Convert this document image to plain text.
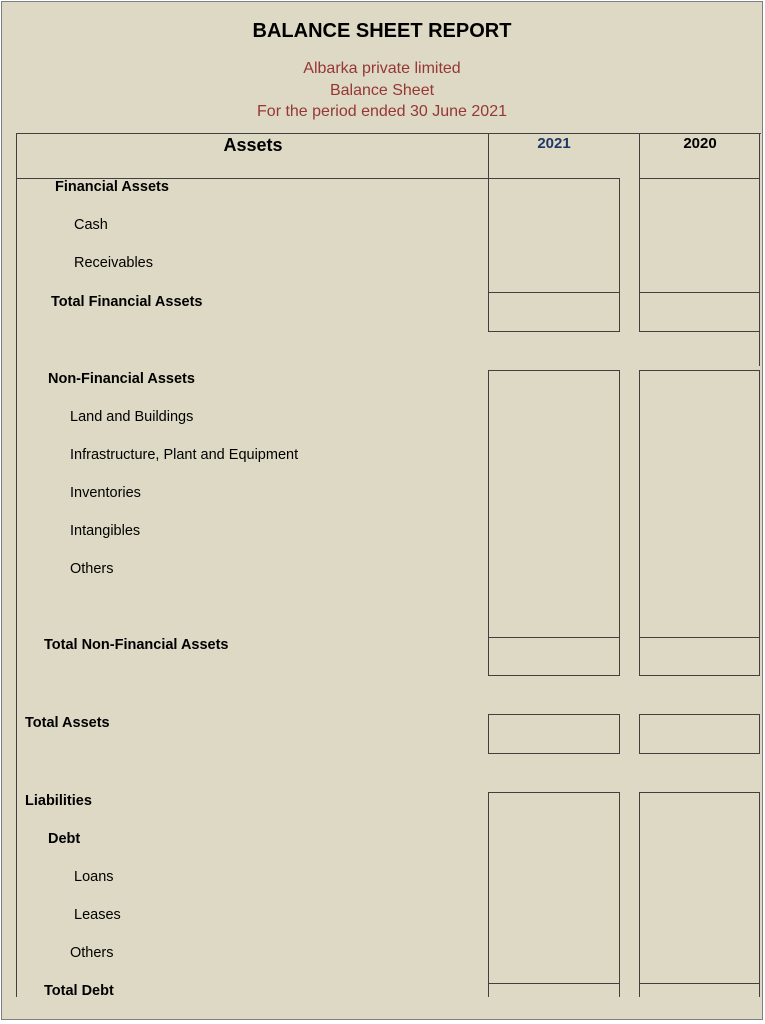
BALANCE SHEET REPORT
Albarka private limited
Balance Sheet
For the period ended 30 June 2021
Assets	2021	2020
Financial Assets
Cash
Receivables
Total Financial Assets
Non-Financial Assets
Land and Buildings
Infrastructure, Plant and Equipment
Inventories
Intangibles
Others
Total Non-Financial Assets
Total Assets
Liabilities
Debt
Loans
Leases
Others
Total Debt
